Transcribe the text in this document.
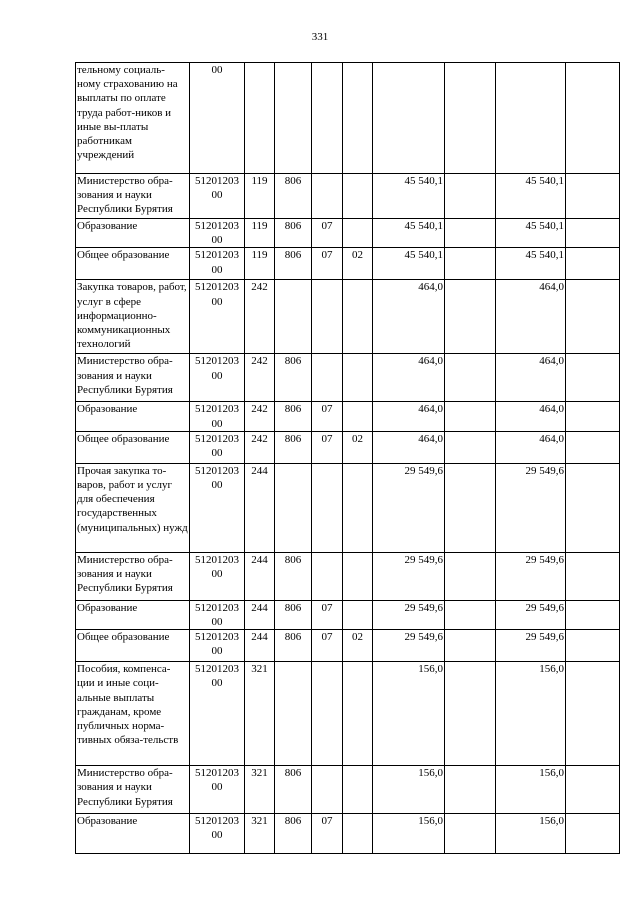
331
тельному социаль-ному страхованию на выплаты по оплате труда работ-ников и иные вы-платы работникам учреждений	00								
Министерство обра-зования и науки Республики Бурятия	51201203 00	119	806			45 540,1		45 540,1	
Образование	51201203 00	119	806	07		45 540,1		45 540,1	
Общее образование	51201203 00	119	806	07	02	45 540,1		45 540,1	
Закупка товаров, работ, услуг в сфере информационно-коммуникационных технологий	51201203 00	242				464,0		464,0	
Министерство обра-зования и науки Республики Бурятия	51201203 00	242	806			464,0		464,0	
Образование	51201203 00	242	806	07		464,0		464,0	
Общее образование	51201203 00	242	806	07	02	464,0		464,0	
Прочая закупка то-варов, работ и услуг для обеспечения государственных (муниципальных) нужд	51201203 00	244				29 549,6		29 549,6	
Министерство обра-зования и науки Республики Бурятия	51201203 00	244	806			29 549,6		29 549,6	
Образование	51201203 00	244	806	07		29 549,6		29 549,6	
Общее образование	51201203 00	244	806	07	02	29 549,6		29 549,6	
Пособия, компенса-ции и иные соци-альные выплаты гражданам, кроме публичных норма-тивных обяза-тельств	51201203 00	321				156,0		156,0	
Министерство обра-зования и науки Республики Бурятия	51201203 00	321	806			156,0		156,0	
Образование	51201203 00	321	806	07		156,0		156,0	
